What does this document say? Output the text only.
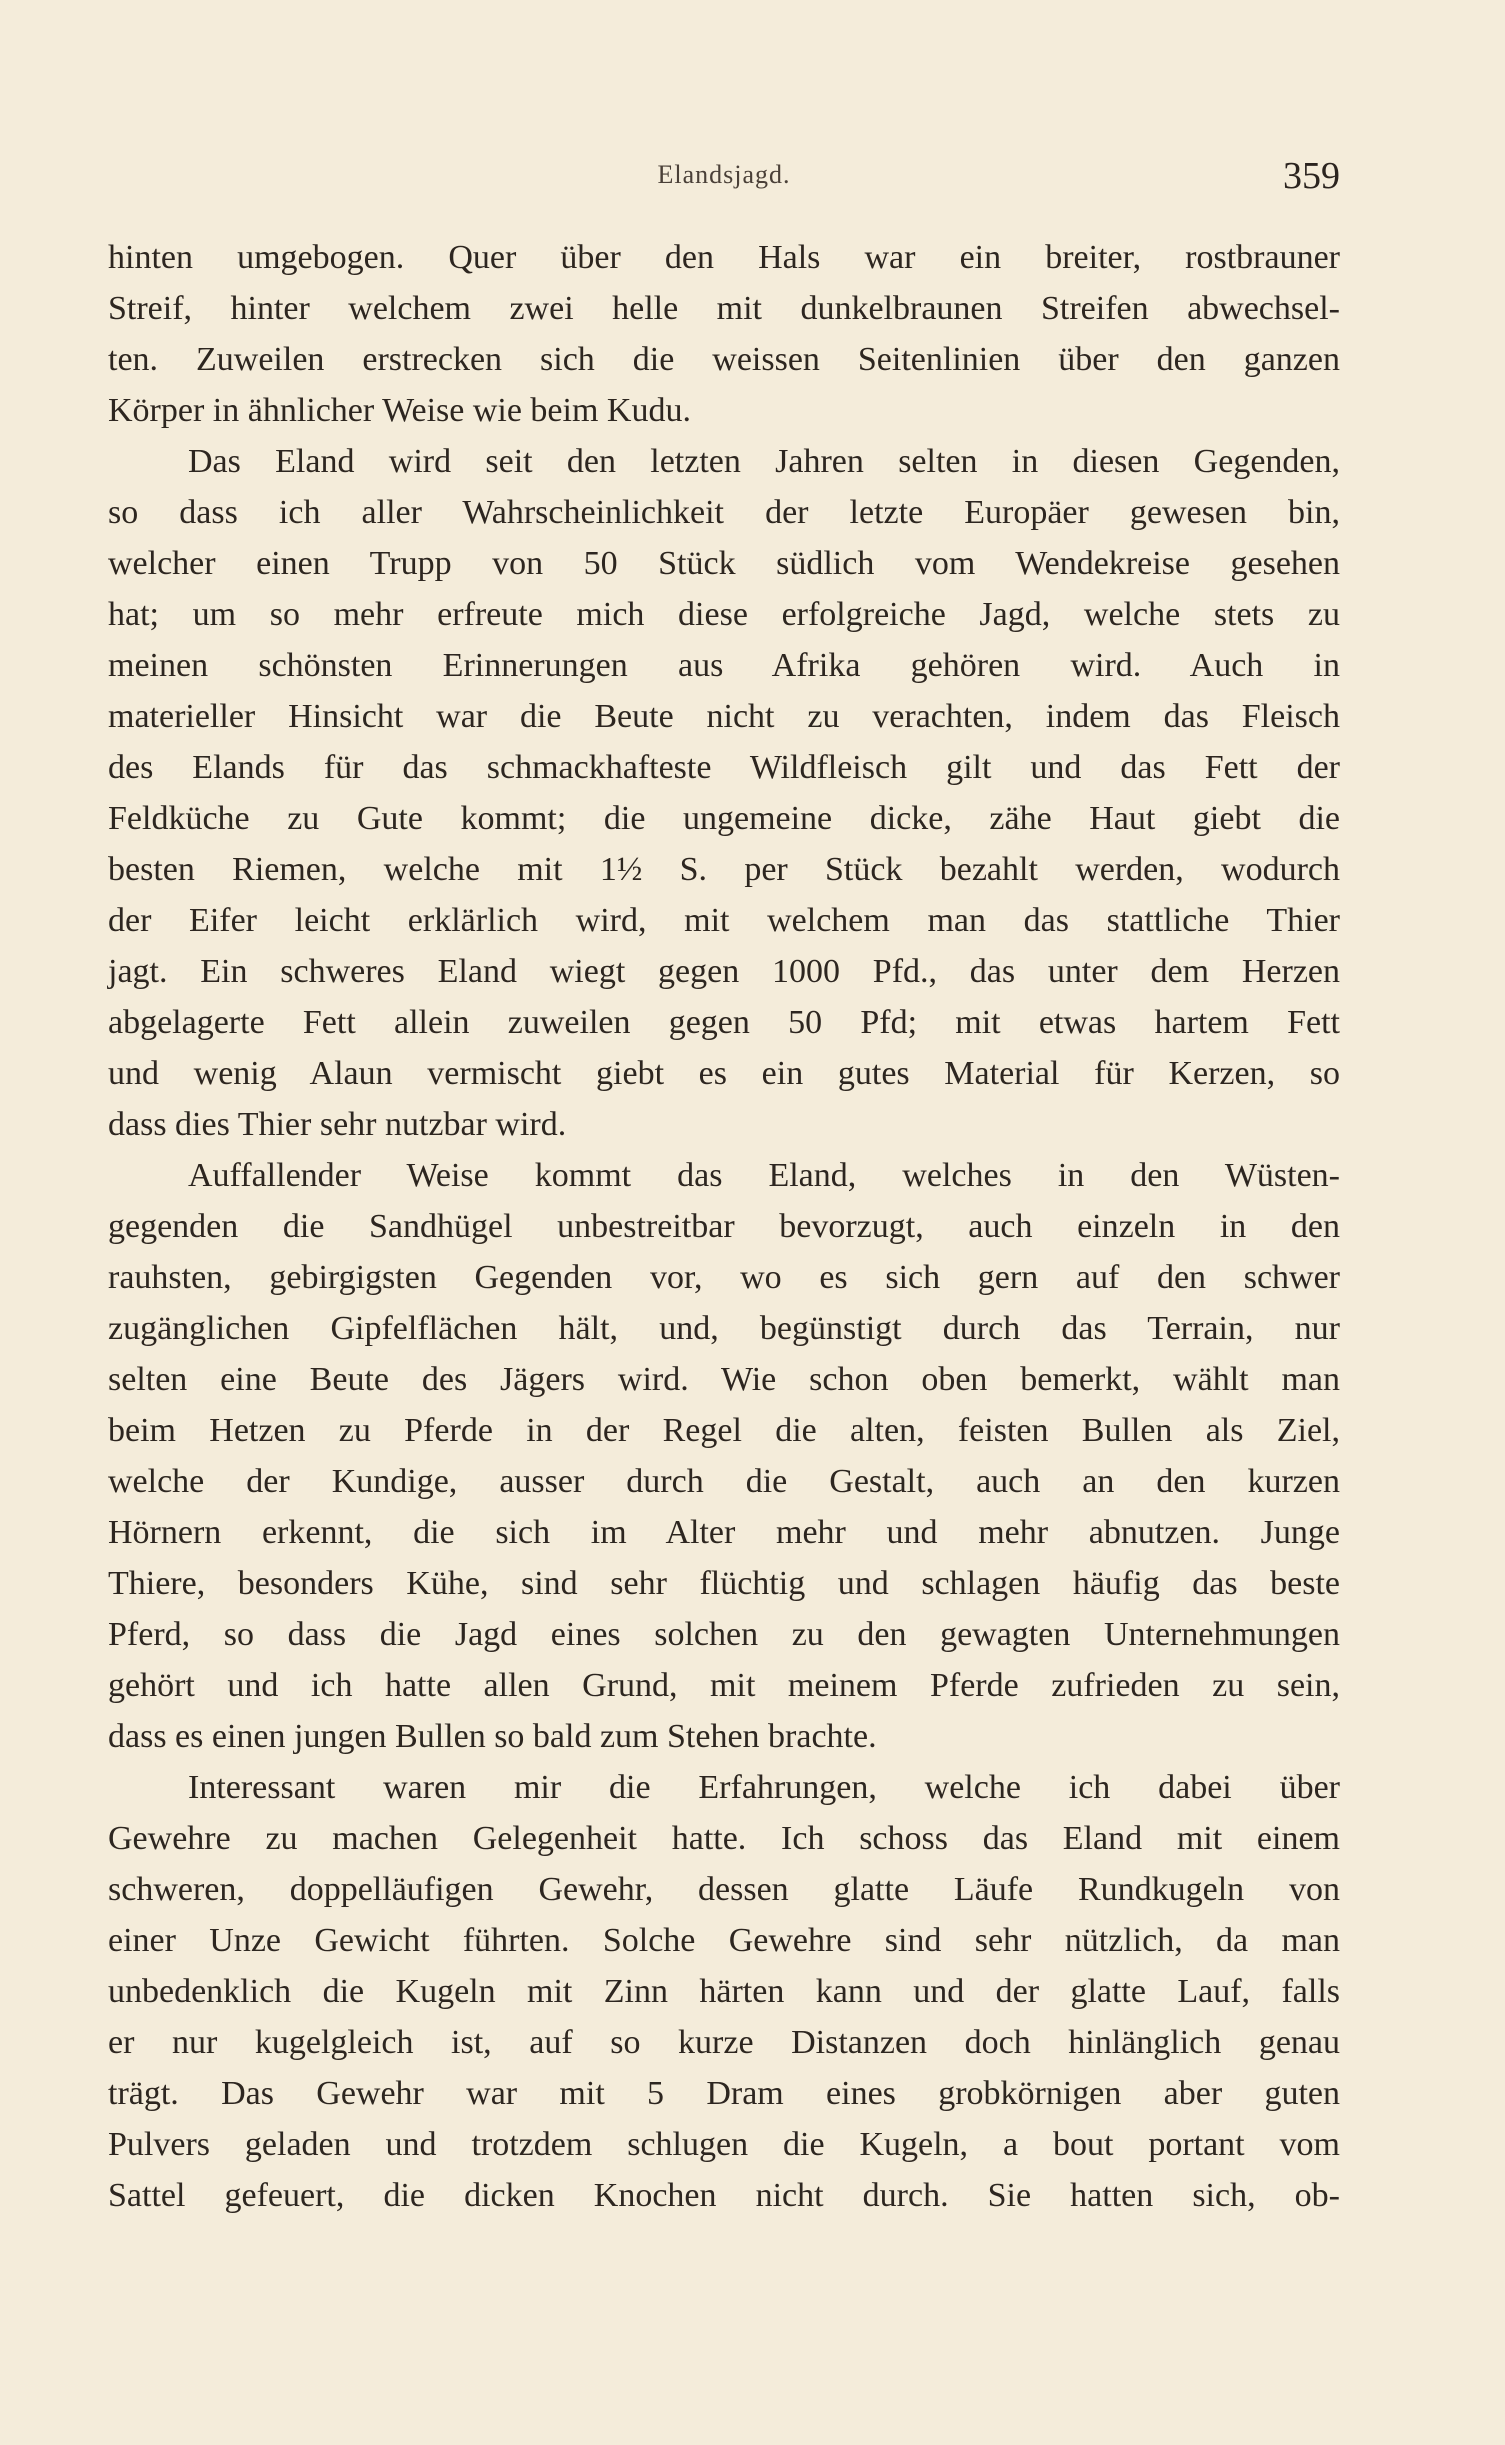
Elandsjagd.	359
hinten umgebogen. Quer über den Hals war ein breiter, rostbrauner
Streif, hinter welchem zwei helle mit dunkelbraunen Streifen abwechsel-
ten. Zuweilen erstrecken sich die weissen Seitenlinien über den ganzen
Körper in ähnlicher Weise wie beim Kudu.
Das Eland wird seit den letzten Jahren selten in diesen Gegenden,
so dass ich aller Wahrscheinlichkeit der letzte Europäer gewesen bin,
welcher einen Trupp von 50 Stück südlich vom Wendekreise gesehen
hat; um so mehr erfreute mich diese erfolgreiche Jagd, welche stets zu
meinen schönsten Erinnerungen aus Afrika gehören wird. Auch in
materieller Hinsicht war die Beute nicht zu verachten, indem das Fleisch
des Elands für das schmackhafteste Wildfleisch gilt und das Fett der
Feldküche zu Gute kommt; die ungemeine dicke, zähe Haut giebt die
besten Riemen, welche mit 1½ S. per Stück bezahlt werden, wodurch
der Eifer leicht erklärlich wird, mit welchem man das stattliche Thier
jagt. Ein schweres Eland wiegt gegen 1000 Pfd., das unter dem Herzen
abgelagerte Fett allein zuweilen gegen 50 Pfd; mit etwas hartem Fett
und wenig Alaun vermischt giebt es ein gutes Material für Kerzen, so
dass dies Thier sehr nutzbar wird.
Auffallender Weise kommt das Eland, welches in den Wüsten-
gegenden die Sandhügel unbestreitbar bevorzugt, auch einzeln in den
rauhsten, gebirgigsten Gegenden vor, wo es sich gern auf den schwer
zugänglichen Gipfelflächen hält, und, begünstigt durch das Terrain, nur
selten eine Beute des Jägers wird. Wie schon oben bemerkt, wählt man
beim Hetzen zu Pferde in der Regel die alten, feisten Bullen als Ziel,
welche der Kundige, ausser durch die Gestalt, auch an den kurzen
Hörnern erkennt, die sich im Alter mehr und mehr abnutzen. Junge
Thiere, besonders Kühe, sind sehr flüchtig und schlagen häufig das beste
Pferd, so dass die Jagd eines solchen zu den gewagten Unternehmungen
gehört und ich hatte allen Grund, mit meinem Pferde zufrieden zu sein,
dass es einen jungen Bullen so bald zum Stehen brachte.
Interessant waren mir die Erfahrungen, welche ich dabei über
Gewehre zu machen Gelegenheit hatte. Ich schoss das Eland mit einem
schweren, doppelläufigen Gewehr, dessen glatte Läufe Rundkugeln von
einer Unze Gewicht führten. Solche Gewehre sind sehr nützlich, da man
unbedenklich die Kugeln mit Zinn härten kann und der glatte Lauf, falls
er nur kugelgleich ist, auf so kurze Distanzen doch hinlänglich genau
trägt. Das Gewehr war mit 5 Dram eines grobkörnigen aber guten
Pulvers geladen und trotzdem schlugen die Kugeln, a bout portant vom
Sattel gefeuert, die dicken Knochen nicht durch. Sie hatten sich, ob-
